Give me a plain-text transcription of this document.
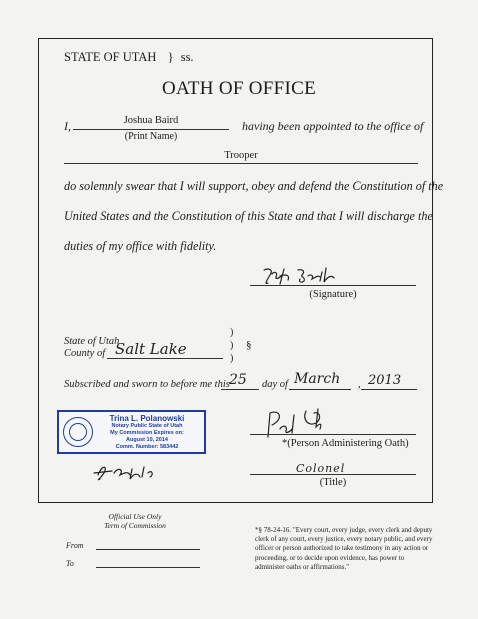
STATE OF UTAH } ss.
OATH OF OFFICE
I,	Joshua Baird
(Print Name)
having been appointed to the office of
Trooper
do solemnly swear that I will support, obey and defend the Constitution of the
United States and the Constitution of this State and that I will discharge the
duties of my office with fidelity.
(Signature)
State of Utah
County of Salt Lake
)
)
)
§
Subscribed and sworn to before me this 25 day of March , 2013
Trina L. Polanowski
Notary Public State of Utah
My Commission Expires on:
August 10, 2014
Comm. Number: 583442	*(Person Administering Oath)
Colonel
(Title)
Official Use Only
Term of Commission
From
To
*§ 78-24-16. "Every court, every judge, every clerk and deputy clerk of any court, every justice, every notary public, and every officer or person authorized to take testimony in any action or proceeding, or to decide upon evidence, has power to administer oaths or affirmations."
